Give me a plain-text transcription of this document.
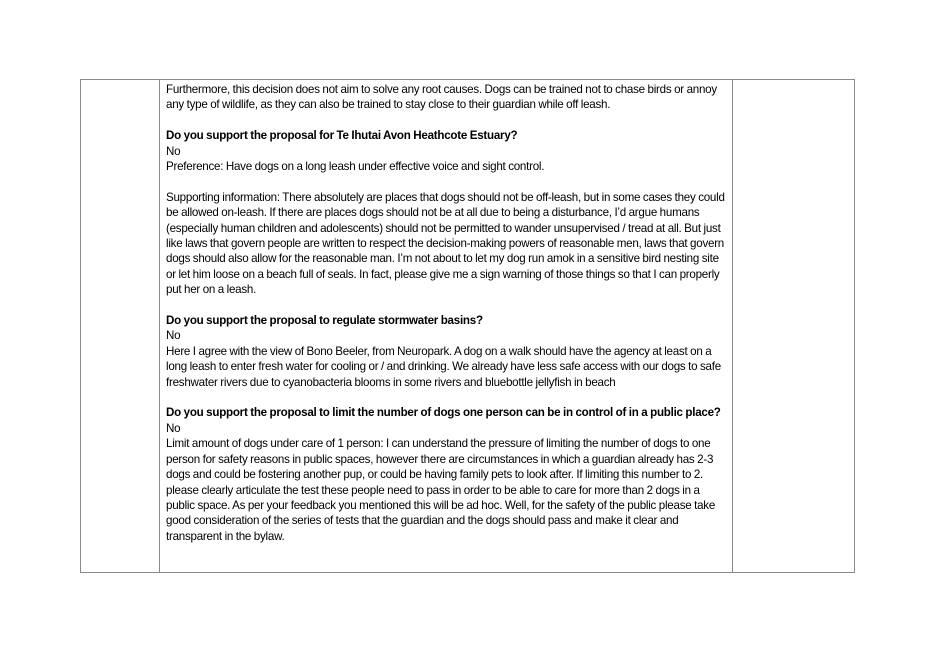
Furthermore, this decision does not aim to solve any root causes. Dogs can be trained not to chase birds or annoy any type of wildlife, as they can also be trained to stay close to their guardian while off leash.

Do you support the proposal for Te Ihutai Avon Heathcote Estuary?

No

Preference: Have dogs on a long leash under effective voice and sight control.

Supporting information: There absolutely are places that dogs should not be off-leash, but in some cases they could be allowed on-leash. If there are places dogs should not be at all due to being a disturbance, I’d argue humans (especially human children and adolescents) should not be permitted to wander unsupervised / tread at all. But just like laws that govern people are written to respect the decision-making powers of reasonable men, laws that govern dogs should also allow for the reasonable man. I’m not about to let my dog run amok in a sensitive bird nesting site or let him loose on a beach full of seals. In fact, please give me a sign warning of those things so that I can properly put her on a leash.

Do you support the proposal to regulate stormwater basins?

No

Here I agree with the view of Bono Beeler, from Neuropark. A dog on a walk should have the agency at least on a long leash to enter fresh water for cooling or / and drinking. We already have less safe access with our dogs to safe freshwater rivers due to cyanobacteria blooms in some rivers and bluebottle jellyfish in beach

Do you support the proposal to limit the number of dogs one person can be in control of in a public place?

No

Limit amount of dogs under care of 1 person: I can understand the pressure of limiting the number of dogs to one person for safety reasons in public spaces, however there are circumstances in which a guardian already has 2-3 dogs and could be fostering another pup, or could be having family pets to look after. If limiting this number to 2. please clearly articulate the test these people need to pass in order to be able to care for more than 2 dogs in a public space. As per your feedback you mentioned this will be ad hoc. Well, for the safety of the public please take good consideration of the series of tests that the guardian and the dogs should pass and make it clear and transparent in the bylaw.
